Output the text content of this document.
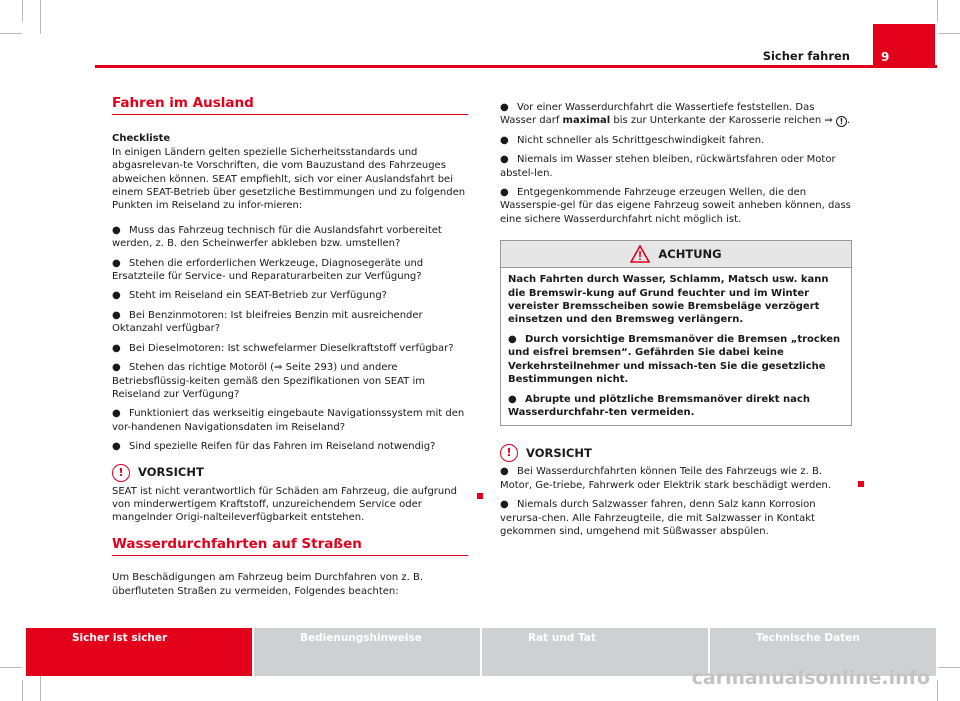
Sicher fahren	9
Fahren im Ausland

Checkliste

In einigen Ländern gelten spezielle Sicherheitsstandards und abgasrelevan-te Vorschriften, die vom Bauzustand des Fahrzeuges abweichen können. SEAT empfiehlt, sich vor einer Auslandsfahrt bei einem SEAT-Betrieb über gesetzliche Bestimmungen und zu folgenden Punkten im Reiseland zu infor-mieren:

● Muss das Fahrzeug technisch für die Auslandsfahrt vorbereitet werden, z. B. den Scheinwerfer abkleben bzw. umstellen?
● Stehen die erforderlichen Werkzeuge, Diagnosegeräte und Ersatzteile für Service- und Reparaturarbeiten zur Verfügung?
● Steht im Reiseland ein SEAT-Betrieb zur Verfügung?
● Bei Benzinmotoren: Ist bleifreies Benzin mit ausreichender Oktanzahl verfügbar?
● Bei Dieselmotoren: Ist schwefelarmer Dieselkraftstoff verfügbar?
● Stehen das richtige Motoröl (⇒ Seite 293) und andere Betriebsflüssig-keiten gemäß den Spezifikationen von SEAT im Reiseland zur Verfügung?
● Funktioniert das werkseitig eingebaute Navigationssystem mit den vor-handenen Navigationsdaten im Reiseland?
● Sind spezielle Reifen für das Fahren im Reiseland notwendig?
!	VORSICHT

SEAT ist nicht verantwortlich für Schäden am Fahrzeug, die aufgrund von minderwertigem Kraftstoff, unzureichendem Service oder mangelnder Origi-nalteileverfügbarkeit entstehen.

Wasserdurchfahrten auf Straßen

Um Beschädigungen am Fahrzeug beim Durchfahren von z. B. überfluteten Straßen zu vermeiden, Folgendes beachten:

● Vor einer Wasserdurchfahrt die Wassertiefe feststellen. Das Wasser darf maximal bis zur Unterkante der Karosserie reichen ⇒ ! .
● Nicht schneller als Schrittgeschwindigkeit fahren.
● Niemals im Wasser stehen bleiben, rückwärtsfahren oder Motor abstel-len.
● Entgegenkommende Fahrzeuge erzeugen Wellen, die den Wasserspie-gel für das eigene Fahrzeug soweit anheben können, dass eine sichere Wasserdurchfahrt nicht möglich ist.
ACHTUNG

Nach Fahrten durch Wasser, Schlamm, Matsch usw. kann die Bremswir-kung auf Grund feuchter und im Winter vereister Bremsscheiben sowie Bremsbeläge verzögert einsetzen und den Bremsweg verlängern.

● Durch vorsichtige Bremsmanöver die Bremsen „trocken und eisfrei bremsen“. Gefährden Sie dabei keine Verkehrsteilnehmer und missach-ten Sie die gesetzliche Bestimmungen nicht.
● Abrupte und plötzliche Bremsmanöver direkt nach Wasserdurchfahr-ten vermeiden.
!	VORSICHT
● Bei Wasserdurchfahrten können Teile des Fahrzeugs wie z. B. Motor, Ge-triebe, Fahrwerk oder Elektrik stark beschädigt werden.
● Niemals durch Salzwasser fahren, denn Salz kann Korrosion verursa-chen. Alle Fahrzeugteile, die mit Salzwasser in Kontakt gekommen sind, umgehend mit Süßwasser abspülen.
Sicher ist sicher	Bedienungshinweise	Rat und Tat	Technische Daten
carmanualsonline.info
